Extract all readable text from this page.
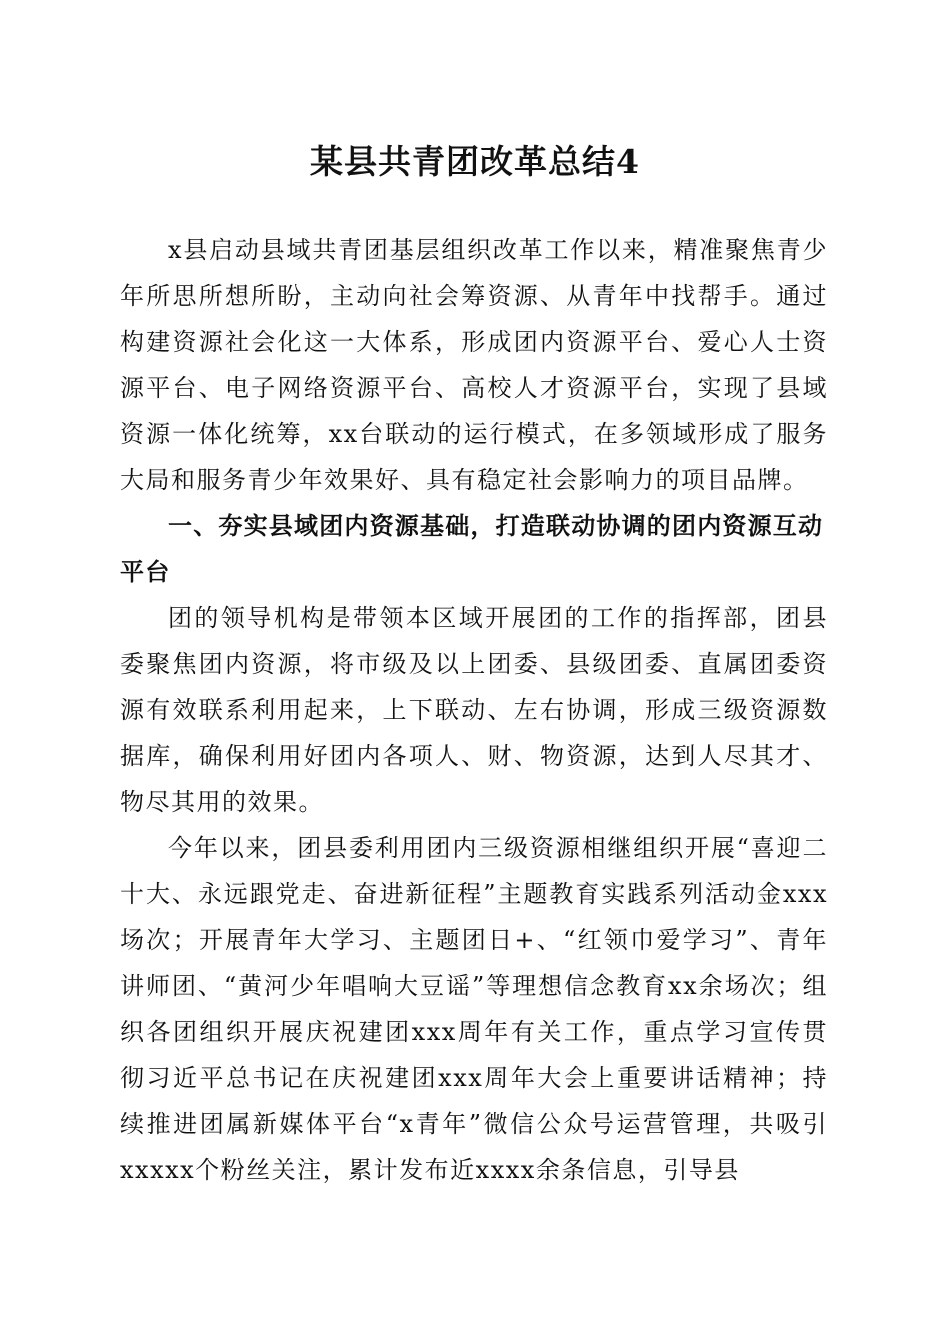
某县共青团改革总结4

x县启动县域共青团基层组织改革工作以来，精准聚焦青少年所思所想所盼，主动向社会筹资源、从青年中找帮手。通过构建资源社会化这一大体系，形成团内资源平台、爱心人士资源平台、电子网络资源平台、高校人才资源平台，实现了县域资源一体化统筹，xx台联动的运行模式，在多领域形成了服务大局和服务青少年效果好、具有稳定社会影响力的项目品牌。

一、夯实县域团内资源基础，打造联动协调的团内资源互动平台

团的领导机构是带领本区域开展团的工作的指挥部，团县委聚焦团内资源，将市级及以上团委、县级团委、直属团委资源有效联系利用起来，上下联动、左右协调，形成三级资源数据库，确保利用好团内各项人、财、物资源，达到人尽其才、物尽其用的效果。

今年以来，团县委利用团内三级资源相继组织开展“喜迎二十大、永远跟党走、奋进新征程”主题教育实践系列活动金xxx场次；开展青年大学习、主题团日+、“红领巾爱学习”、青年讲师团、“黄河少年唱响大豆谣”等理想信念教育xx余场次；组织各团组织开展庆祝建团xxx周年有关工作，重点学习宣传贯彻习近平总书记在庆祝建团xxx周年大会上重要讲话精神；持续推进团属新媒体平台“x青年”微信公众号运营管理，共吸引xxxxx个粉丝关注，累计发布近xxxx余条信息，引导县
